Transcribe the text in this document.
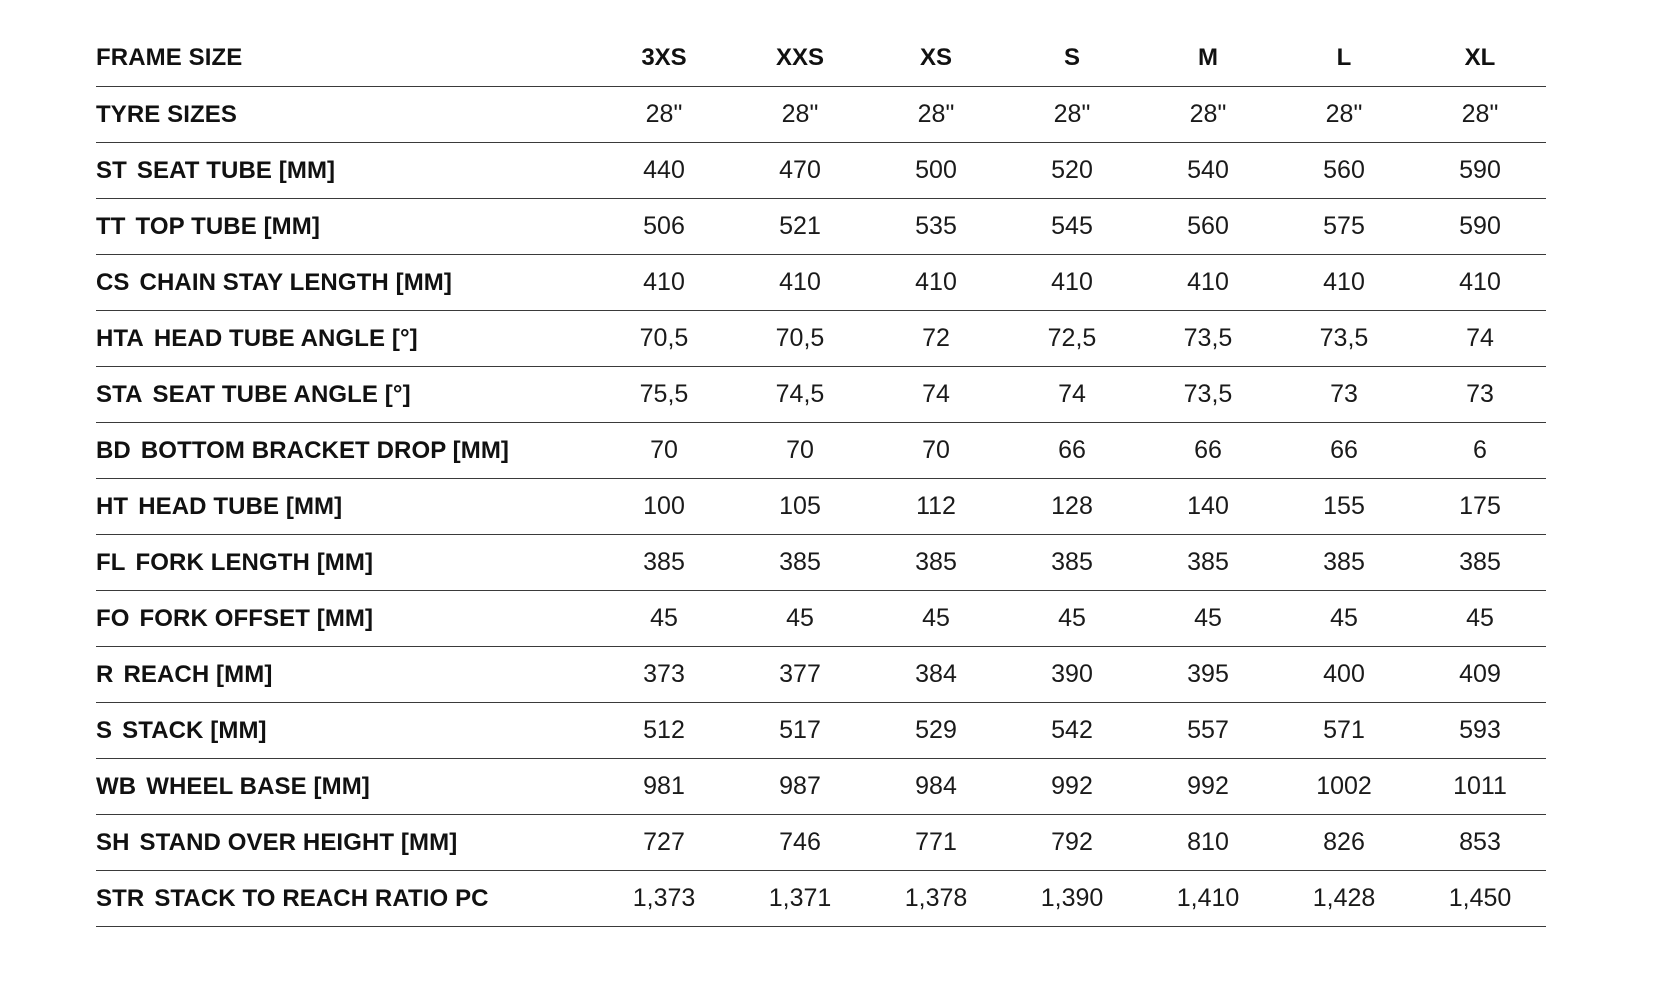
FRAME SIZE	3XS	XXS	XS	S	M	L	XL
TYRE SIZES	28"	28"	28"	28"	28"	28"	28"
ST SEAT TUBE [MM]	440	470	500	520	540	560	590
TT TOP TUBE [MM]	506	521	535	545	560	575	590
CS CHAIN STAY LENGTH [MM]	410	410	410	410	410	410	410
HTA HEAD TUBE ANGLE [°]	70,5	70,5	72	72,5	73,5	73,5	74
STA SEAT TUBE ANGLE [°]	75,5	74,5	74	74	73,5	73	73
BD BOTTOM BRACKET DROP [MM]	70	70	70	66	66	66	6
HT HEAD TUBE [MM]	100	105	112	128	140	155	175
FL FORK LENGTH [MM]	385	385	385	385	385	385	385
FO FORK OFFSET [MM]	45	45	45	45	45	45	45
R REACH [MM]	373	377	384	390	395	400	409
S STACK [MM]	512	517	529	542	557	571	593
WB WHEEL BASE [MM]	981	987	984	992	992	1002	1011
SH STAND OVER HEIGHT [MM]	727	746	771	792	810	826	853
STR STACK TO REACH RATIO PC	1,373	1,371	1,378	1,390	1,410	1,428	1,450
